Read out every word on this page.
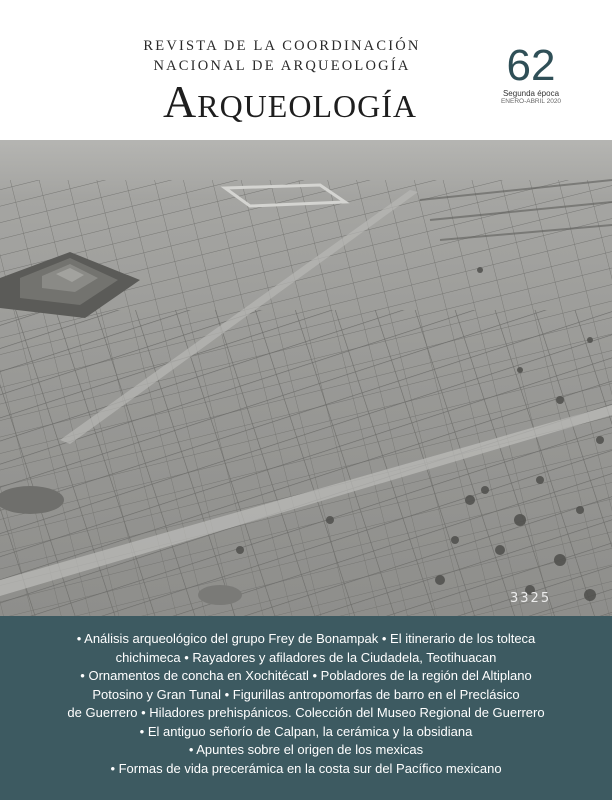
REVISTA DE LA COORDINACIÓN
NACIONAL DE ARQUEOLOGÍA
Arqueología
62
Segunda época
ENERO-ABRIL 2020
3325
• Análisis arqueológico del grupo Frey de Bonampak • El itinerario de los tolteca
chichimeca • Rayadores y afiladores de la Ciudadela, Teotihuacan
• Ornamentos de concha en Xochitécatl • Pobladores de la región del Altiplano
Potosino y Gran Tunal • Figurillas antropomorfas de barro en el Preclásico
de Guerrero • Hiladores prehispánicos. Colección del Museo Regional de Guerrero
• El antiguo señorío de Calpan, la cerámica y la obsidiana
• Apuntes sobre el origen de los mexicas
• Formas de vida precerámica en la costa sur del Pacífico mexicano
